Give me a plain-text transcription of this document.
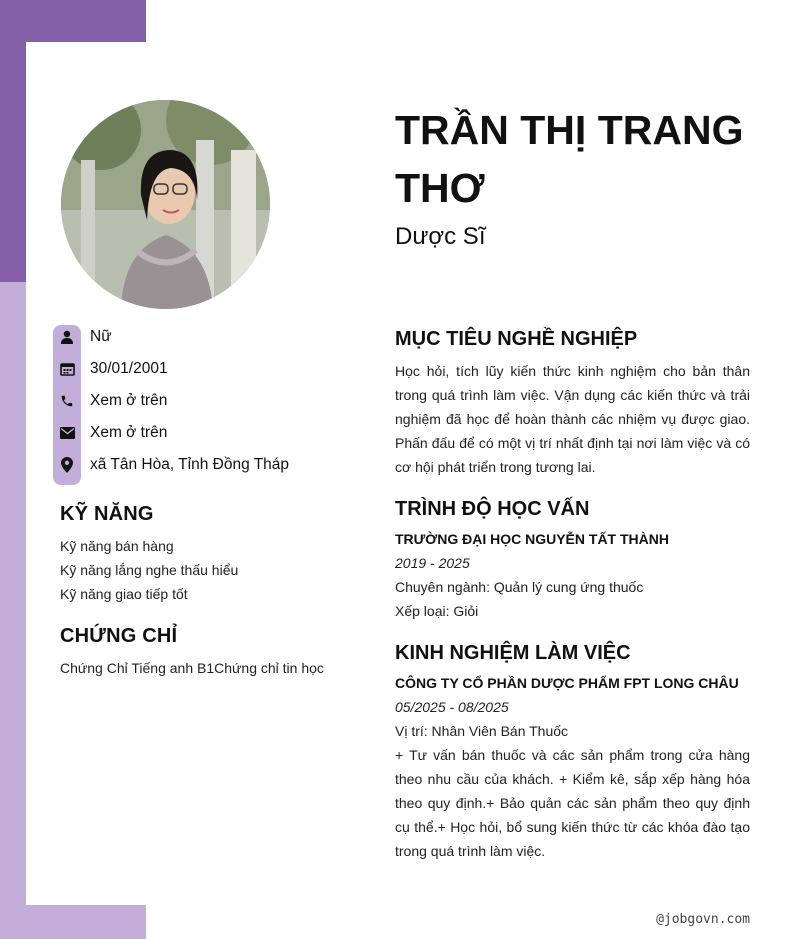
Nữ
30/01/2001
Xem ở trên
Xem ở trên
xã Tân Hòa, Tỉnh Đồng Tháp
KỸ NĂNG
Kỹ năng bán hàng
Kỹ năng lắng nghe thấu hiểu
Kỹ năng giao tiếp tốt
CHỨNG CHỈ
Chứng Chỉ Tiếng anh B1Chứng chỉ tin học
TRẦN THỊ TRANG THƠ
Dược Sĩ
MỤC TIÊU NGHỀ NGHIỆP
Học hỏi, tích lũy kiến thức kinh nghiệm cho bản thân trong quá trình làm việc. Vận dụng các kiến thức và trải nghiệm đã học để hoàn thành các nhiệm vụ được giao. Phấn đấu để có một vị trí nhất định tại nơi làm việc và có cơ hội phát triển trong tương lai.
TRÌNH ĐỘ HỌC VẤN
TRƯỜNG ĐẠI HỌC NGUYỄN TẤT THÀNH
2019 - 2025
Chuyên ngành: Quản lý cung ứng thuốc
Xếp loại: Giỏi
KINH NGHIỆM LÀM VIỆC
CÔNG TY CỔ PHẦN DƯỢC PHẨM FPT LONG CHÂU
05/2025 - 08/2025
Vị trí: Nhân Viên Bán Thuốc
+ Tư vấn bán thuốc và các sản phẩm trong cửa hàng theo nhu cầu của khách. + Kiểm kê, sắp xếp hàng hóa theo quy định.+ Bảo quản các sản phẩm theo quy định cụ thể.+ Học hỏi, bổ sung kiến thức từ các khóa đào tạo trong quá trình làm việc.
@jobgovn.com
